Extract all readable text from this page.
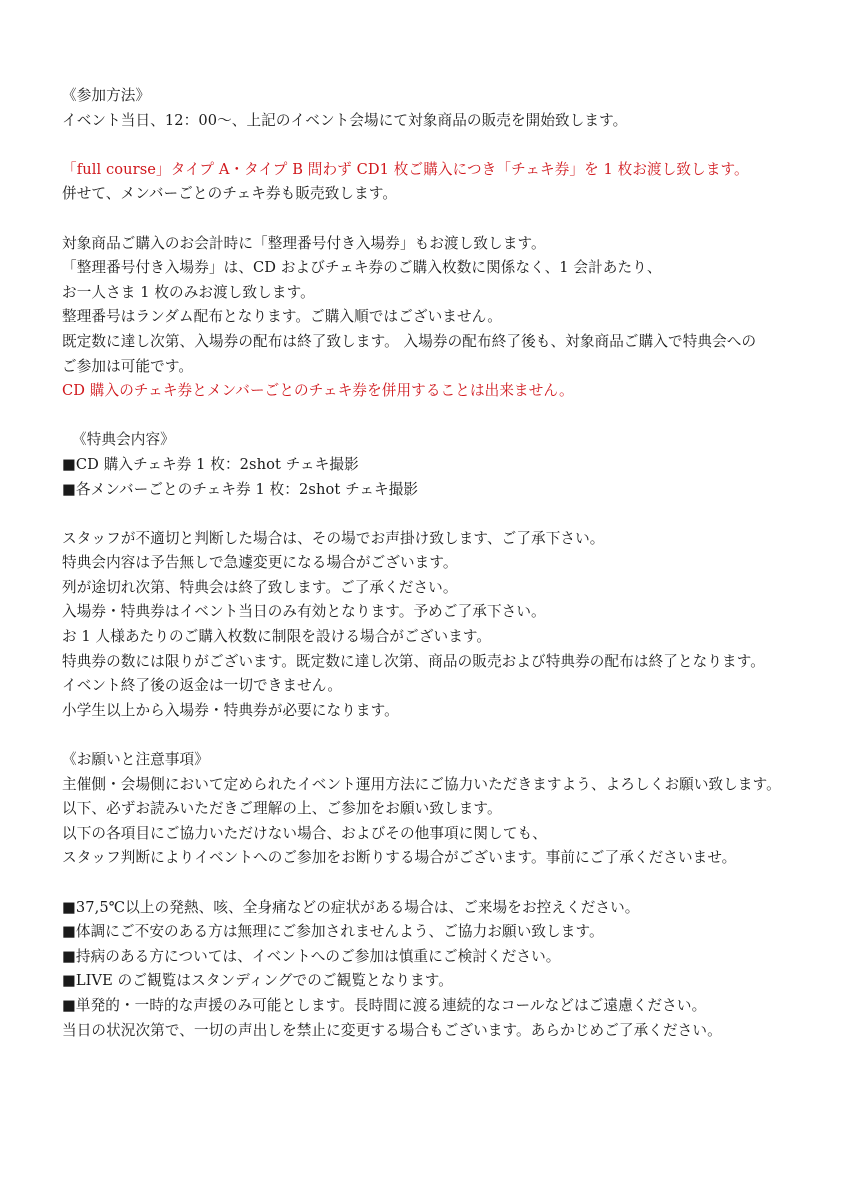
《参加方法》
イベント当日、12：00〜、上記のイベント会場にて対象商品の販売を開始致します。
「full course」タイプ A・タイプ B 問わず CD1 枚ご購入につき「チェキ券」を 1 枚お渡し致します。
併せて、メンバーごとのチェキ券も販売致します。
対象商品ご購入のお会計時に「整理番号付き入場券」もお渡し致します。
「整理番号付き入場券」は、CD およびチェキ券のご購入枚数に関係なく、1 会計あたり、
お一人さま 1 枚のみお渡し致します。
整理番号はランダム配布となります。ご購入順ではございません。
既定数に達し次第、入場券の配布は終了致します。 入場券の配布終了後も、対象商品ご購入で特典会への
ご参加は可能です。
CD 購入のチェキ券とメンバーごとのチェキ券を併用することは出来ません。
《特典会内容》
■CD 購入チェキ券 1 枚：2shot チェキ撮影
■各メンバーごとのチェキ券 1 枚：2shot チェキ撮影
スタッフが不適切と判断した場合は、その場でお声掛け致します、ご了承下さい。
特典会内容は予告無しで急遽変更になる場合がございます。
列が途切れ次第、特典会は終了致します。ご了承ください。
入場券・特典券はイベント当日のみ有効となります。予めご了承下さい。
お 1 人様あたりのご購入枚数に制限を設ける場合がございます。
特典券の数には限りがございます。既定数に達し次第、商品の販売および特典券の配布は終了となります。
イベント終了後の返金は一切できません。
小学生以上から入場券・特典券が必要になります。
《お願いと注意事項》
主催側・会場側において定められたイベント運用方法にご協力いただきますよう、よろしくお願い致します。
以下、必ずお読みいただきご理解の上、ご参加をお願い致します。
以下の各項目にご協力いただけない場合、およびその他事項に関しても、
スタッフ判断によりイベントへのご参加をお断りする場合がございます。事前にご了承くださいませ。
■37,5℃以上の発熱、咳、全身痛などの症状がある場合は、ご来場をお控えください。
■体調にご不安のある方は無理にご参加されませんよう、ご協力お願い致します。
■持病のある方については、イベントへのご参加は慎重にご検討ください。
■LIVE のご観覧はスタンディングでのご観覧となります。
■単発的・一時的な声援のみ可能とします。長時間に渡る連続的なコールなどはご遠慮ください。
当日の状況次第で、一切の声出しを禁止に変更する場合もございます。あらかじめご了承ください。
